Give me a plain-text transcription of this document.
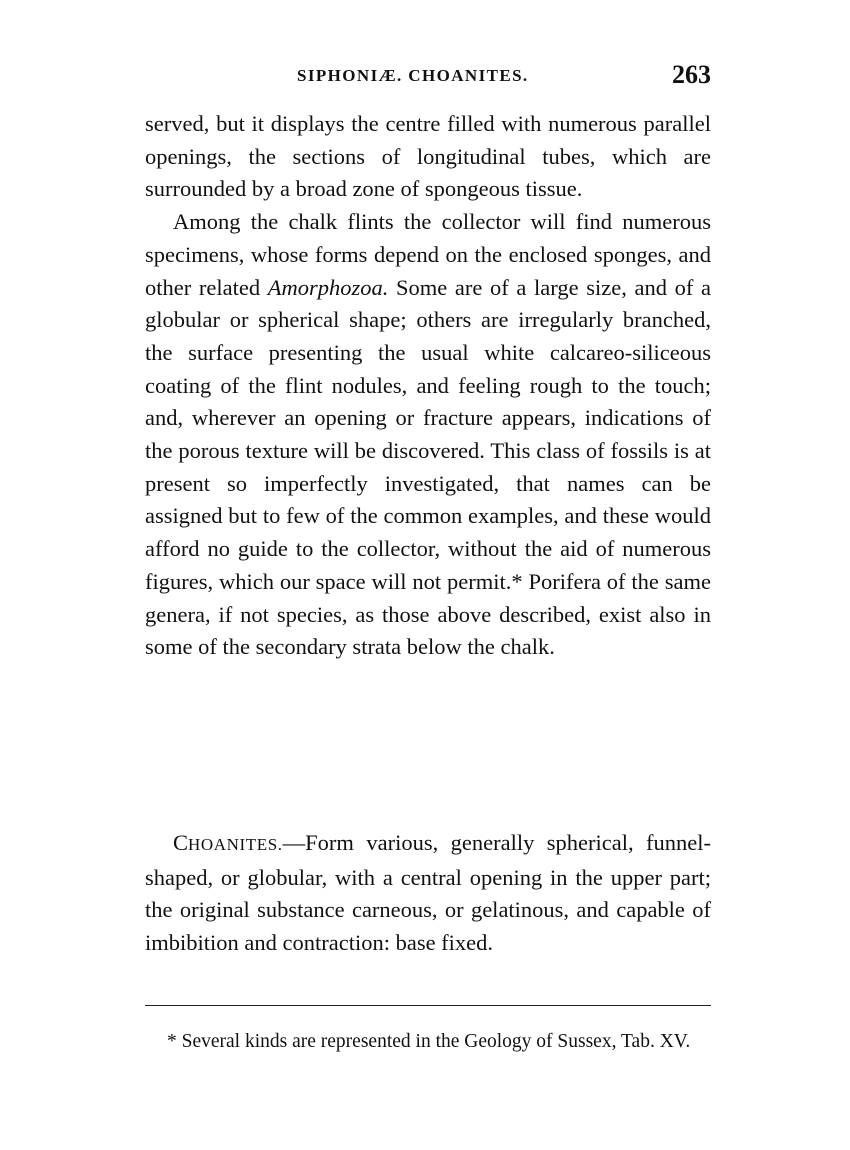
SIPHONIÆ. CHOANITES.	263

served, but it displays the centre filled with numerous parallel openings, the sections of longitudinal tubes, which are surrounded by a broad zone of spongeous tissue.

Among the chalk flints the collector will find numerous specimens, whose forms depend on the enclosed sponges, and other related Amorphozoa. Some are of a large size, and of a globular or spherical shape; others are irregularly branched, the surface presenting the usual white calcareo-siliceous coating of the flint nodules, and feeling rough to the touch; and, wherever an opening or fracture appears, indications of the porous texture will be discovered. This class of fossils is at present so imperfectly investigated, that names can be assigned but to few of the common examples, and these would afford no guide to the collector, without the aid of numerous figures, which our space will not permit.* Porifera of the same genera, if not species, as those above described, exist also in some of the secondary strata below the chalk.

CHOANITES.—Form various, generally spherical, funnel-shaped, or globular, with a central opening in the upper part; the original substance carneous, or gelatinous, and capable of imbibition and contraction: base fixed.

* Several kinds are represented in the Geology of Sussex, Tab. XV.
